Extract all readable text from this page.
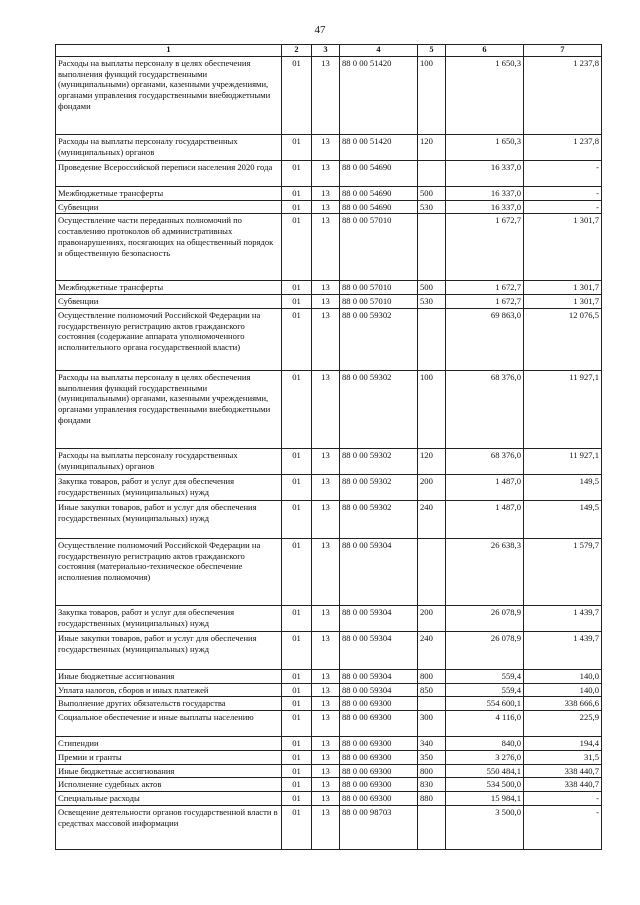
47
1	2	3	4	5	6	7
Расходы на выплаты персоналу в целях обеспечения выполнения функций государственными (муниципальными) органами, казенными учреждениями, органами управления государственными внебюджетными фондами	01	13	88 0 00 51420	100	1 650,3	1 237,8
Расходы на выплаты персоналу государственных (муниципальных) органов	01	13	88 0 00 51420	120	1 650,3	1 237,8
Проведение Всероссийской переписи населения 2020 года	01	13	88 0 00 54690		16 337,0	-
Межбюджетные трансферты	01	13	88 0 00 54690	500	16 337,0	-
Субвенции	01	13	88 0 00 54690	530	16 337,0	-
Осуществление части переданных полномочий по составлению протоколов об административных правонарушениях, посягающих на общественный порядок и общественную безопасность	01	13	88 0 00 57010		1 672,7	1 301,7
Межбюджетные трансферты	01	13	88 0 00 57010	500	1 672,7	1 301,7
Субвенции	01	13	88 0 00 57010	530	1 672,7	1 301,7
Осуществление полномочий Российской Федерации на государственную регистрацию актов гражданского состояния (содержание аппарата уполномоченного исполнительного органа государственной власти)	01	13	88 0 00 59302		69 863,0	12 076,5
Расходы на выплаты персоналу в целях обеспечения выполнения функций государственными (муниципальными) органами, казенными учреждениями, органами управления государственными внебюджетными фондами	01	13	88 0 00 59302	100	68 376,0	11 927,1
Расходы на выплаты персоналу государственных (муниципальных) органов	01	13	88 0 00 59302	120	68 376,0	11 927,1
Закупка товаров, работ и услуг для обеспечения государственных (муниципальных) нужд	01	13	88 0 00 59302	200	1 487,0	149,5
Иные закупки товаров, работ и услуг для обеспечения государственных (муниципальных) нужд	01	13	88 0 00 59302	240	1 487,0	149,5
Осуществление полномочий Российской Федерации на государственную регистрацию актов гражданского состояния (материально-техническое обеспечение исполнения полномочия)	01	13	88 0 00 59304		26 638,3	1 579,7
Закупка товаров, работ и услуг для обеспечения государственных (муниципальных) нужд	01	13	88 0 00 59304	200	26 078,9	1 439,7
Иные закупки товаров, работ и услуг для обеспечения государственных (муниципальных) нужд	01	13	88 0 00 59304	240	26 078,9	1 439,7
Иные бюджетные ассигнования	01	13	88 0 00 59304	800	559,4	140,0
Уплата налогов, сборов и иных платежей	01	13	88 0 00 59304	850	559,4	140,0
Выполнение других обязательств государства	01	13	88 0 00 69300		554 600,1	338 666,6
Социальное обеспечение и иные выплаты населению	01	13	88 0 00 69300	300	4 116,0	225,9
Стипендии	01	13	88 0 00 69300	340	840,0	194,4
Премии и гранты	01	13	88 0 00 69300	350	3 276,0	31,5
Иные бюджетные ассигнования	01	13	88 0 00 69300	800	550 484,1	338 440,7
Исполнение судебных актов	01	13	88 0 00 69300	830	534 500,0	338 440,7
Специальные расходы	01	13	88 0 00 69300	880	15 984,1	-
Освещение деятельности органов государственной власти в средствах массовой информации	01	13	88 0 00 98703		3 500,0	-
